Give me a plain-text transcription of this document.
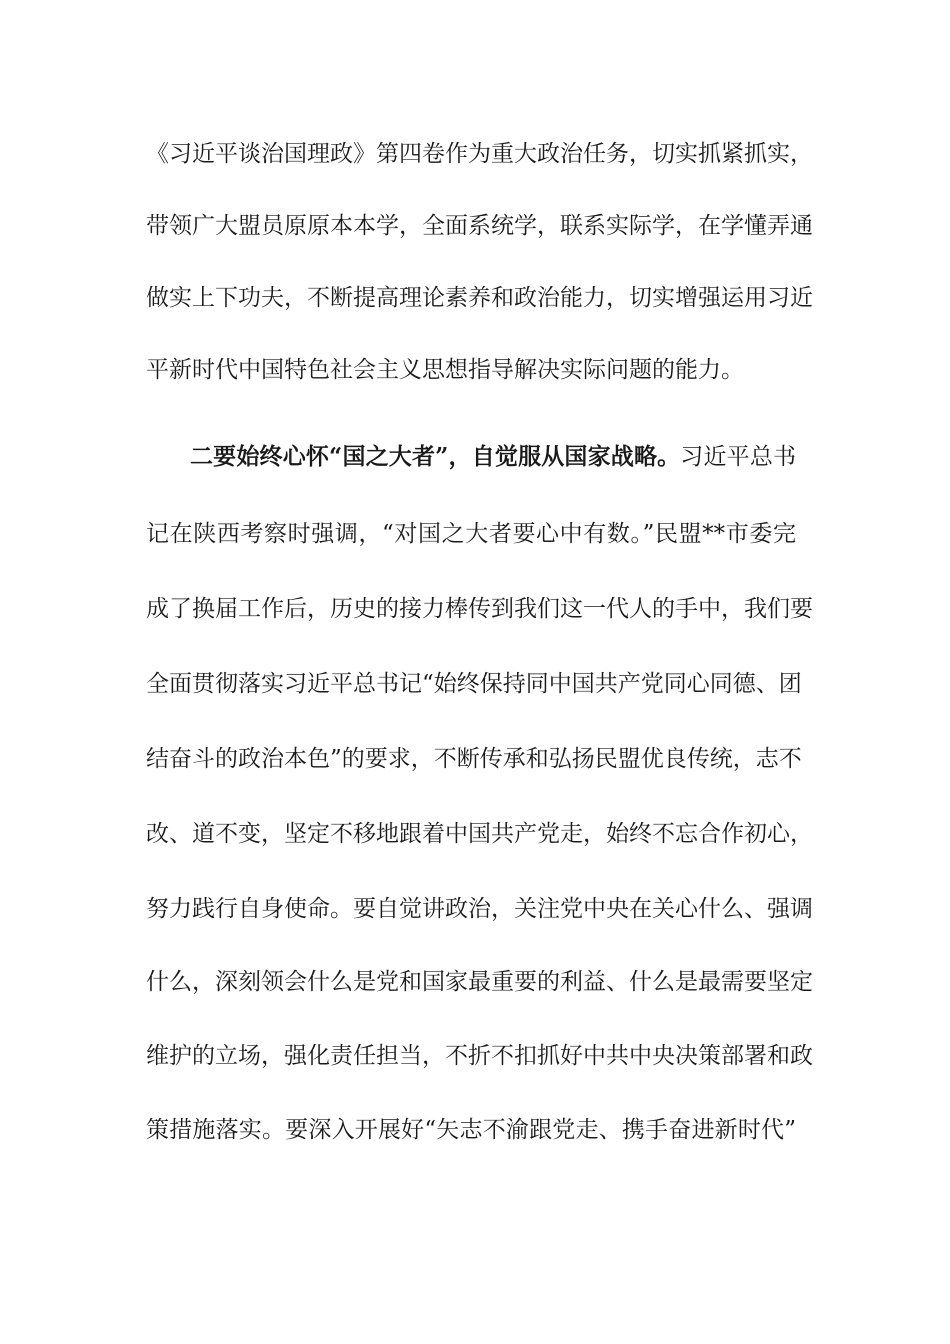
《习近平谈治国理政》第四卷作为重大政治任务，切实抓紧抓实，
带领广大盟员原原本本学，全面系统学，联系实际学，在学懂弄通
做实上下功夫，不断提高理论素养和政治能力，切实增强运用习近
平新时代中国特色社会主义思想指导解决实际问题的能力。
二要始终心怀“国之大者”，自觉服从国家战略。习近平总书
记在陕西考察时强调，“对国之大者要心中有数。”民盟**市委完
成了换届工作后，历史的接力棒传到我们这一代人的手中，我们要
全面贯彻落实习近平总书记“始终保持同中国共产党同心同德、团
结奋斗的政治本色”的要求，不断传承和弘扬民盟优良传统，志不
改、道不变，坚定不移地跟着中国共产党走，始终不忘合作初心，
努力践行自身使命。要自觉讲政治，关注党中央在关心什么、强调
什么，深刻领会什么是党和国家最重要的利益、什么是最需要坚定
维护的立场，强化责任担当，不折不扣抓好中共中央决策部署和政
策措施落实。要深入开展好“矢志不渝跟党走、携手奋进新时代”
